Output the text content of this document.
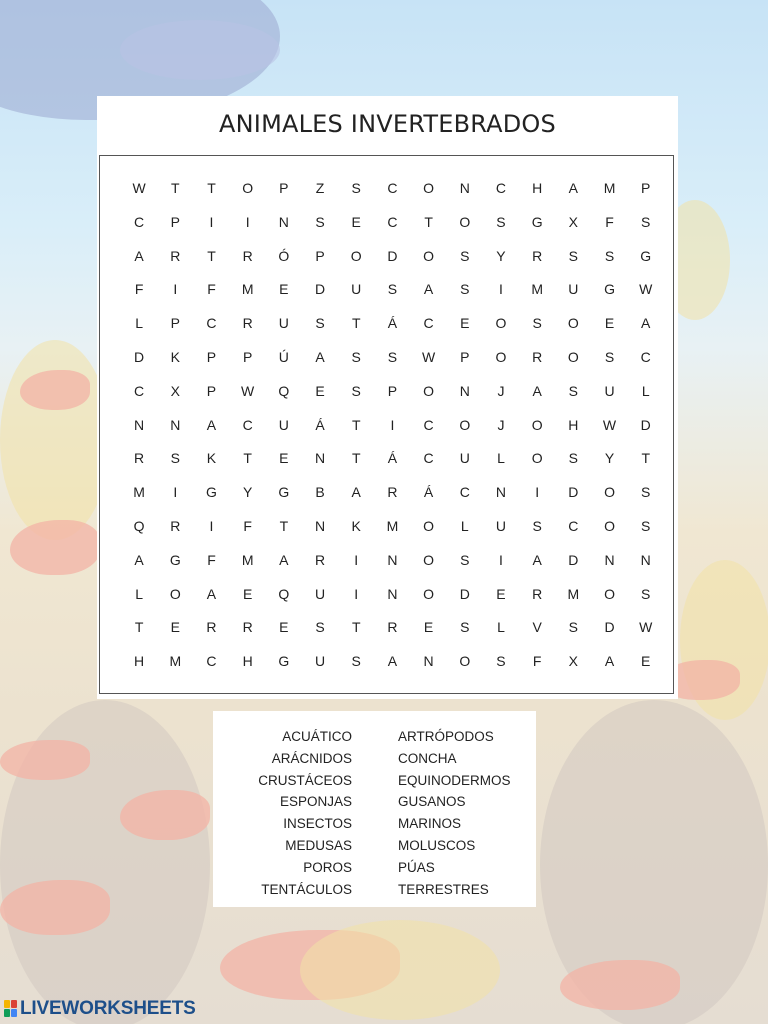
ANIMALES INVERTEBRADOS
W	T	T	O	P	Z	S	C	O	N	C	H	A	M	P
C	P	I	I	N	S	E	C	T	O	S	G	X	F	S
A	R	T	R	Ó	P	O	D	O	S	Y	R	S	S	G
F	I	F	M	E	D	U	S	A	S	I	M	U	G	W
L	P	C	R	U	S	T	Á	C	E	O	S	O	E	A
D	K	P	P	Ú	A	S	S	W	P	O	R	O	S	C
C	X	P	W	Q	E	S	P	O	N	J	A	S	U	L
N	N	A	C	U	Á	T	I	C	O	J	O	H	W	D
R	S	K	T	E	N	T	Á	C	U	L	O	S	Y	T
M	I	G	Y	G	B	A	R	Á	C	N	I	D	O	S
Q	R	I	F	T	N	K	M	O	L	U	S	C	O	S
A	G	F	M	A	R	I	N	O	S	I	A	D	N	N
L	O	A	E	Q	U	I	N	O	D	E	R	M	O	S
T	E	R	R	E	S	T	R	E	S	L	V	S	D	W
H	M	C	H	G	U	S	A	N	O	S	F	X	A	E
ACUÁTICO
ARÁCNIDOS
CRUSTÁCEOS
ESPONJAS
INSECTOS
MEDUSAS
POROS
TENTÁCULOS
ARTRÓPODOS
CONCHA
EQUINODERMOS
GUSANOS
MARINOS
MOLUSCOS
PÚAS
TERRESTRES
LIVEWORKSHEETS
